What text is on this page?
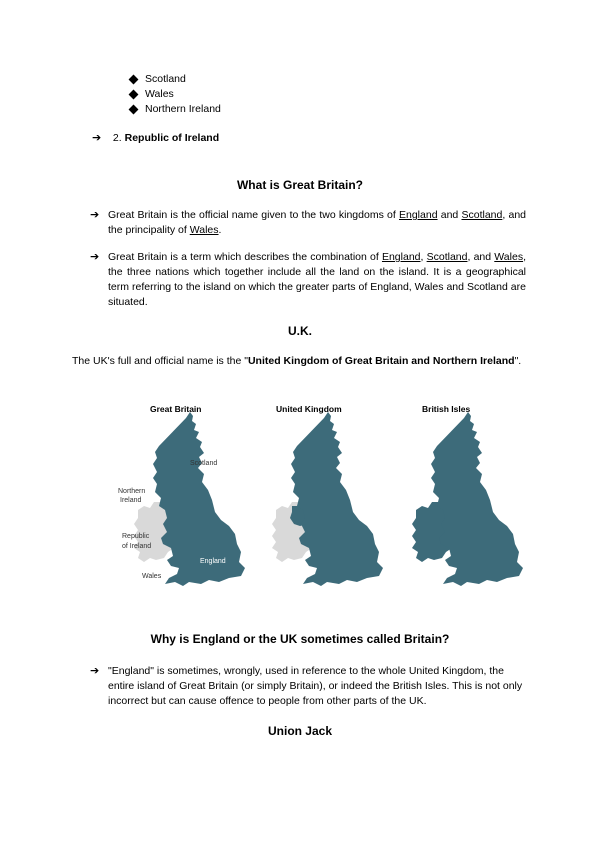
Scotland
Wales
Northern Ireland
➔ 2. Republic of Ireland
What is Great Britain?
➔ Great Britain is the official name given to the two kingdoms of England and Scotland, and the principality of Wales.
➔ Great Britain is a term which describes the combination of England, Scotland, and Wales, the three nations which together include all the land on the island. It is a geographical term referring to the island on which the greater parts of England, Wales and Scotland are situated.
U.K.
The UK's full and official name is the "United Kingdom of Great Britain and Northern Ireland".
Great Britain	United Kingdom	British Isles
Scotland
Northern
Ireland
Republic
of Ireland
England
Wales
Why is England or the UK sometimes called Britain?
➔ "England" is sometimes, wrongly, used in reference to the whole United Kingdom, the entire island of Great Britain (or simply Britain), or indeed the British Isles. This is not only incorrect but can cause offence to people from other parts of the UK.
Union Jack
